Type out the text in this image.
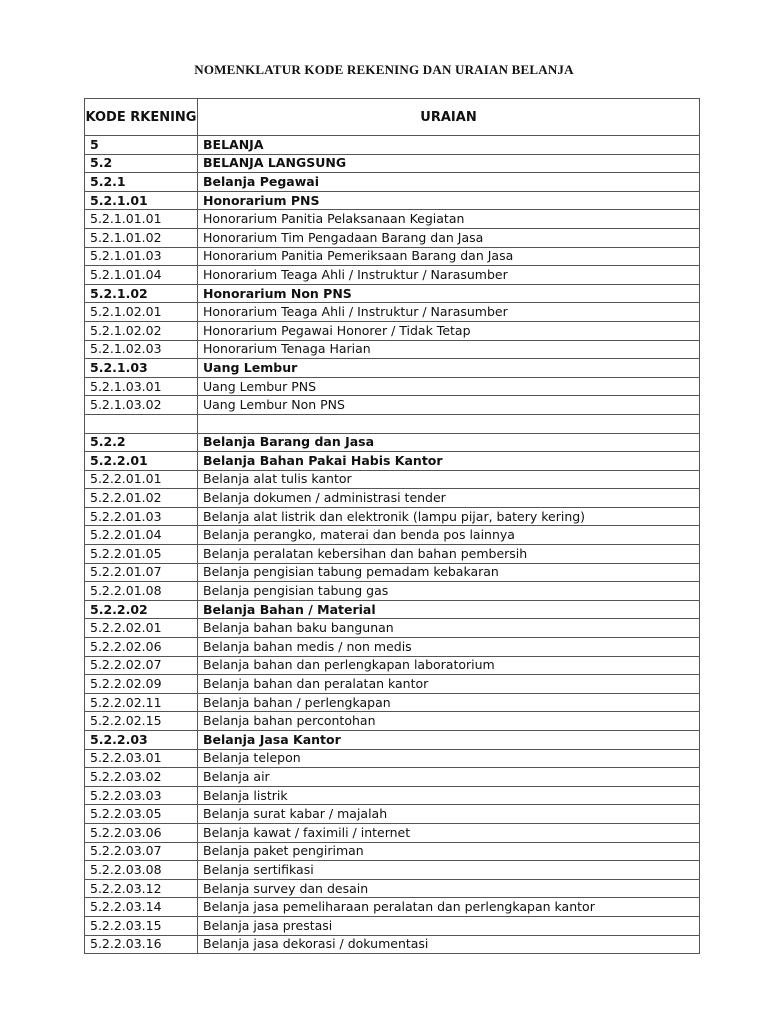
NOMENKLATUR KODE REKENING DAN URAIAN BELANJA
KODE RKENING	URAIAN
5	BELANJA
5.2	BELANJA LANGSUNG
5.2.1	Belanja Pegawai
5.2.1.01	Honorarium PNS
5.2.1.01.01	Honorarium Panitia Pelaksanaan Kegiatan
5.2.1.01.02	Honorarium Tim Pengadaan Barang dan Jasa
5.2.1.01.03	Honorarium Panitia Pemeriksaan Barang dan Jasa
5.2.1.01.04	Honorarium Teaga Ahli / Instruktur / Narasumber
5.2.1.02	Honorarium Non PNS
5.2.1.02.01	Honorarium Teaga Ahli / Instruktur / Narasumber
5.2.1.02.02	Honorarium Pegawai Honorer / Tidak Tetap
5.2.1.02.03	Honorarium Tenaga Harian
5.2.1.03	Uang Lembur
5.2.1.03.01	Uang Lembur PNS
5.2.1.03.02	Uang Lembur Non PNS

5.2.2	Belanja Barang dan Jasa
5.2.2.01	Belanja Bahan Pakai Habis Kantor
5.2.2.01.01	Belanja alat tulis kantor
5.2.2.01.02	Belanja dokumen / administrasi tender
5.2.2.01.03	Belanja alat listrik dan elektronik (lampu pijar, batery kering)
5.2.2.01.04	Belanja perangko, materai dan benda pos lainnya
5.2.2.01.05	Belanja peralatan kebersihan dan bahan pembersih
5.2.2.01.07	Belanja pengisian tabung pemadam kebakaran
5.2.2.01.08	Belanja pengisian tabung gas
5.2.2.02	Belanja Bahan / Material
5.2.2.02.01	Belanja bahan baku bangunan
5.2.2.02.06	Belanja bahan medis / non medis
5.2.2.02.07	Belanja bahan dan perlengkapan laboratorium
5.2.2.02.09	Belanja bahan dan peralatan kantor
5.2.2.02.11	Belanja bahan / perlengkapan
5.2.2.02.15	Belanja bahan percontohan
5.2.2.03	Belanja Jasa Kantor
5.2.2.03.01	Belanja telepon
5.2.2.03.02	Belanja air
5.2.2.03.03	Belanja listrik
5.2.2.03.05	Belanja surat kabar / majalah
5.2.2.03.06	Belanja kawat / faximili / internet
5.2.2.03.07	Belanja paket pengiriman
5.2.2.03.08	Belanja sertifikasi
5.2.2.03.12	Belanja survey dan desain
5.2.2.03.14	Belanja jasa pemeliharaan peralatan dan perlengkapan kantor
5.2.2.03.15	Belanja jasa prestasi
5.2.2.03.16	Belanja jasa dekorasi / dokumentasi
